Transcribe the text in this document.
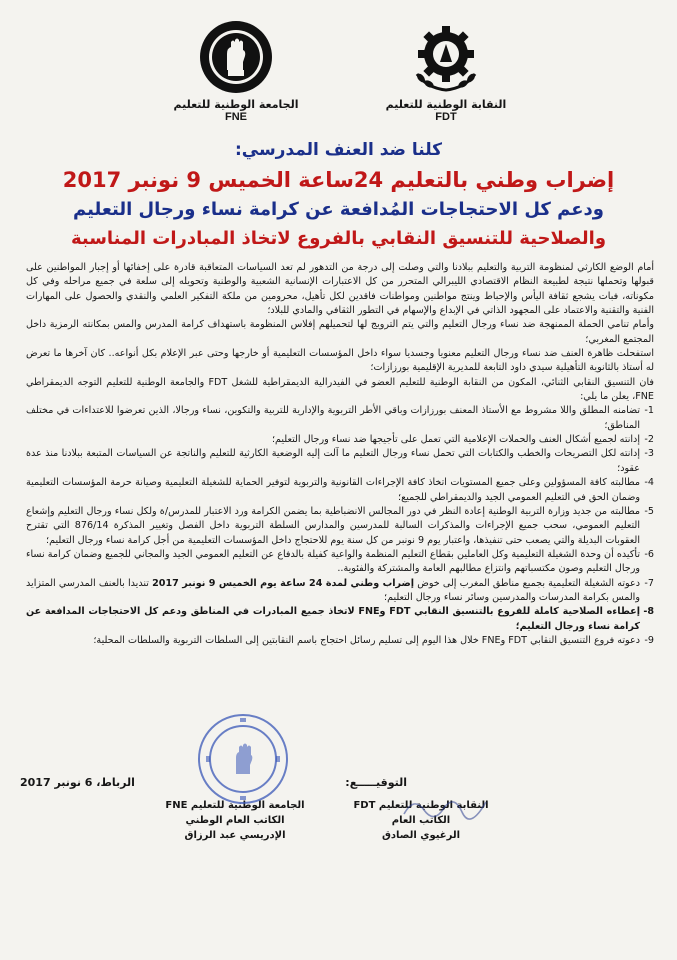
الجامعة الوطنية للتعليم
FNE
النقابة الوطنية للتعليم
FDT
كلنا ضد العنف المدرسي:
إضراب وطني بالتعليم 24ساعة الخميس 9 نونبر 2017
ودعم كل الاحتجاجات المُدافعة عن كرامة نساء ورجال التعليم
والصلاحية للتنسيق النقابي بالفروع لاتخاذ المبادرات المناسبة

أمام الوضع الكارثي لمنظومة التربية والتعليم ببلادنا والتي وصلت إلى درجة من التدهور لم تعد السياسات المتعاقبة قادرة على إخفائها أو إجبار المواطنين على قبولها وتحملها نتيجة لطبيعة النظام الاقتصادي الليبرالي المتحرر من كل الاعتبارات الإنسانية الشعبية والوطنية وتحويله إلى سلعة في جميع مراحله وفي كل مكوناته، فبات يشجع ثقافة اليأس والإحباط وينتج مواطنين ومواطنات فاقدين لكل تأهيل، محرومين من ملكة التفكير العلمي والنقدي والحصول على المهارات الفنية والتقنية والاعتماد على المجهود الذاتي في الإبداع والإسهام في التطور الثقافي والمادي للبلاد؛

وأمام تنامي الحملة الممنهجة ضد نساء ورجال التعليم والتي يتم الترويج لها لتحميلهم إفلاس المنظومة باستهداف كرامة المدرس والمس بمكانته الرمزية داخل المجتمع المغربي؛

استفحلت ظاهرة العنف ضد نساء ورجال التعليم معنويا وجسديا سواء داخل المؤسسات التعليمية أو خارجها وحتى عبر الإعلام بكل أنواعه.. كان آخرها ما تعرض له أستاذ بالثانوية التأهيلية سيدي داود التابعة للمديرية الإقليمية بورزازات؛

فان التنسيق النقابي الثنائي، المكون من النقابة الوطنية للتعليم العضو في الفيدرالية الديمقراطية للشغل FDT والجامعة الوطنية للتعليم التوجه الديمقراطي FNE، يعلن ما يلي:

1-
تضامنه المطلق واللا مشروط مع الأستاذ المعنف بورزازات وباقي الأطر التربوية والإدارية للتربية والتكوين، نساء ورجالا، الذين تعرضوا للاعتداءات في مختلف المناطق؛
2-
إدانته لجميع أشكال العنف والحملات الإعلامية التي تعمل على تأجيجها ضد نساء ورجال التعليم؛
3-
إدانته لكل التصريحات والخطب والكتابات التي تحمل نساء ورجال التعليم ما آلت إليه الوضعية الكارثية للتعليم والناتجة عن السياسات المتبعة ببلادنا منذ عدة عقود؛
4-
مطالبته كافة المسؤولين وعلى جميع المستويات اتخاذ كافة الإجراءات القانونية والتربوية لتوفير الحماية للشغيلة التعليمية وصيانة حرمة المؤسسات التعليمية وضمان الحق في التعليم العمومي الجيد والديمقراطي للجميع؛
5-
مطالبته من جديد وزارة التربية الوطنية إعادة النظر في دور المجالس الانضباطية بما يضمن الكرامة ورد الاعتبار للمدرس/ة ولكل نساء ورجال التعليم وإشعاع التعليم العمومي، سحب جميع الإجراءات والمذكرات السالبة للمدرسين والمدارس السلطة التربوية داخل الفصل وتغيير المذكرة 876/14 التي تقترح العقوبات البديلة والتي يصعب حتى تنفيذها، واعتبار يوم 9 نونبر من كل سنة يوم للاحتجاج داخل المؤسسات التعليمية من أجل كرامة نساء ورجال التعليم؛
6-
تأكيده أن وحدة الشغيلة التعليمية وكل العاملين بقطاع التعليم المنظمة والواعية كفيلة بالدفاع عن التعليم العمومي الجيد والمجاني للجميع وضمان كرامة نساء ورجال التعليم وصون مكتسباتهم وانتزاع مطالبهم العامة والمشتركة والفئوية..
7-
دعوته الشغيلة التعليمية بجميع مناطق المغرب إلى خوض إضراب وطني لمدة 24 ساعة يوم الخميس 9 نونبر 2017 تنديدا بالعنف المدرسي المتزايد والمس بكرامة المدرسات والمدرسين وسائر نساء ورجال التعليم؛
8-
إعطاءه الصلاحية كاملة للفروع بالتنسيق النقابي FDT وFNE لاتخاذ جميع المبادرات في المناطق ودعم كل الاحتجاجات المدافعة عن كرامة نساء ورجال التعليم؛
9-
دعوته فروع التنسيق النقابي FDT وFNE خلال هذا اليوم إلى تسليم رسائل احتجاج باسم النقابتين إلى السلطات التربوية والسلطات المحلية؛
التوقيـــــع:
الرباط، 6 نونبر 2017
النقابة الوطنية للتعليم FDT
الكاتب العام
الرغيوي الصادق
الجامعة الوطنية للتعليم FNE
الكاتب العام الوطني
الإدريسي عبد الرزاق
